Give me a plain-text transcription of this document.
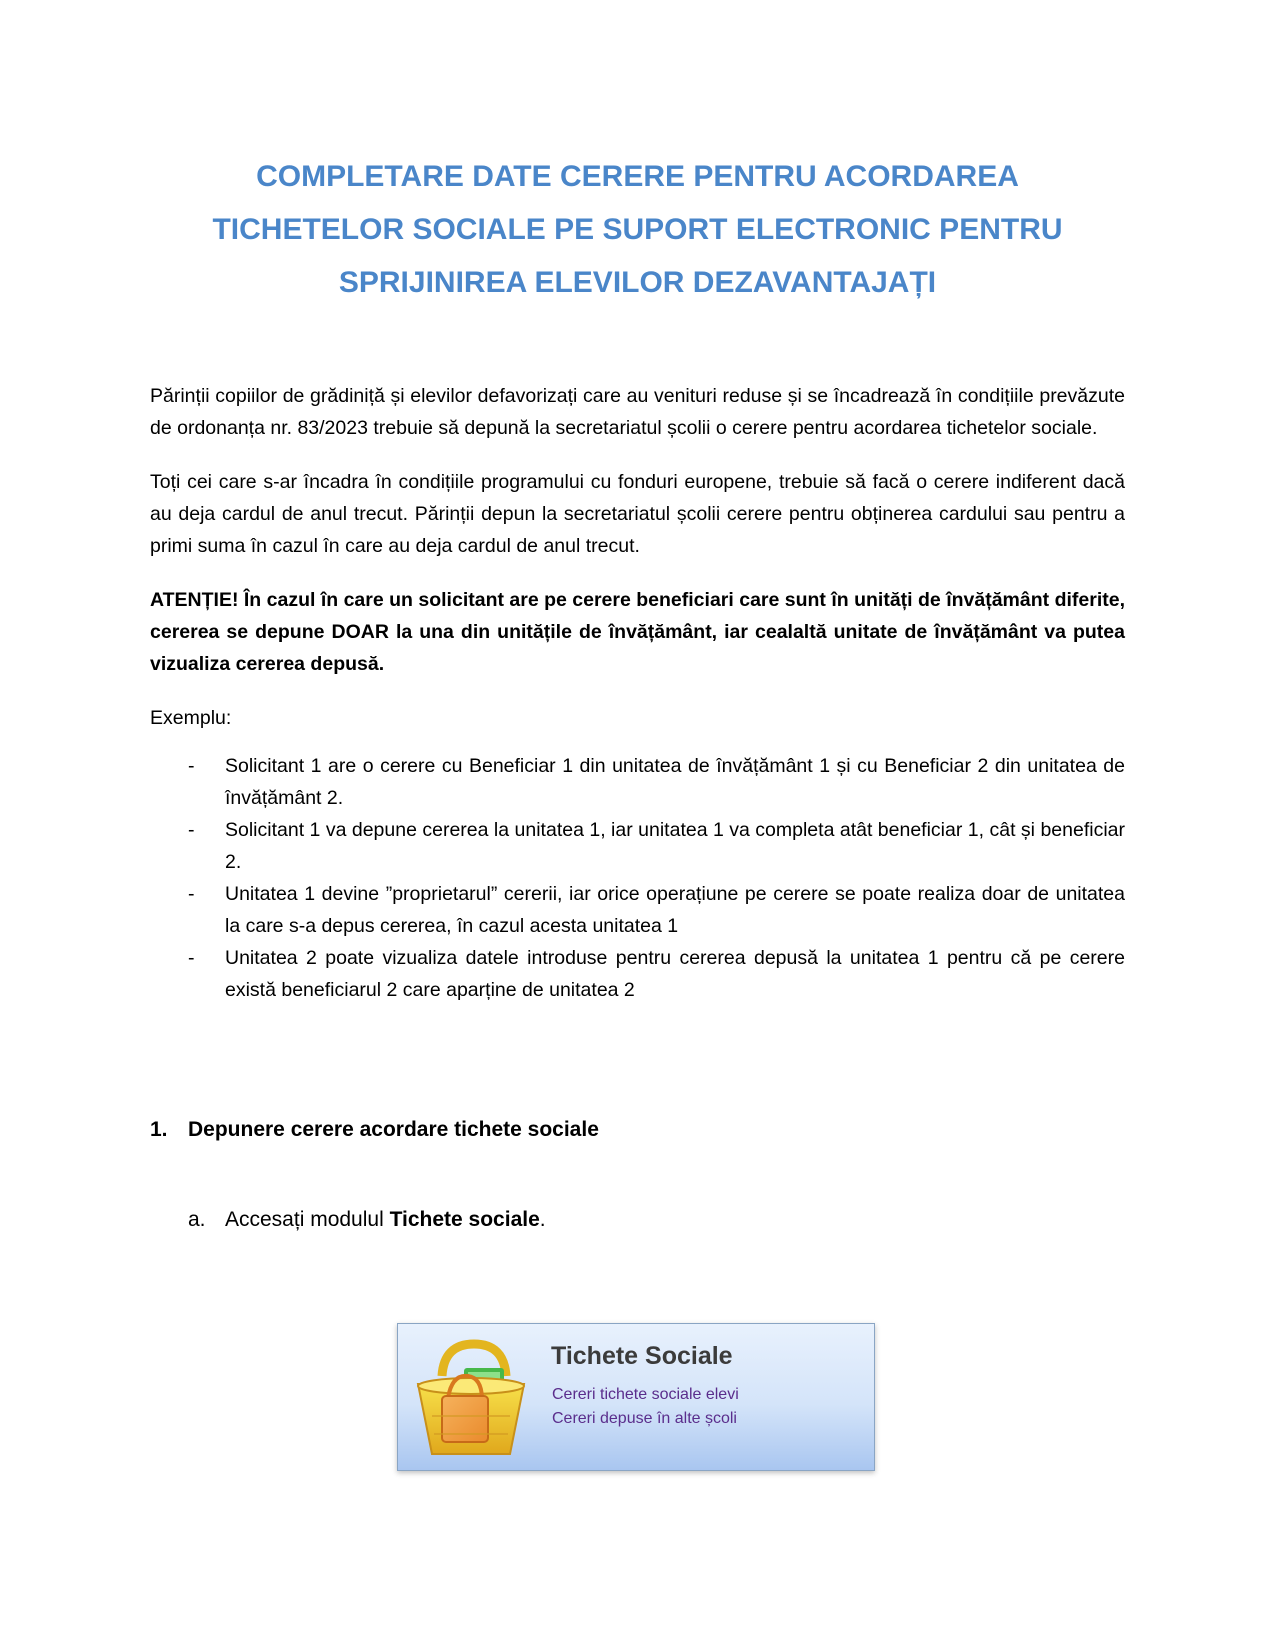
COMPLETARE DATE CERERE PENTRU ACORDAREA
TICHETELOR SOCIALE PE SUPORT ELECTRONIC PENTRU
SPRIJINIREA ELEVILOR DEZAVANTAJAȚI

Părinții copiilor de grădiniță și elevilor defavorizați care au venituri reduse și se încadrează în condițiile prevăzute de ordonanța nr. 83/2023 trebuie să depună la secretariatul școlii o cerere pentru acordarea tichetelor sociale.

Toți cei care s-ar încadra în condițiile programului cu fonduri europene, trebuie să facă o cerere indiferent dacă au deja cardul de anul trecut. Părinții depun la secretariatul școlii cerere pentru obținerea cardului sau pentru a primi suma în cazul în care au deja cardul de anul trecut.

ATENȚIE! În cazul în care un solicitant are pe cerere beneficiari care sunt în unități de învățământ diferite, cererea se depune DOAR la una din unitățile de învățământ, iar cealaltă unitate de învățământ va putea vizualiza cererea depusă.

Exemplu:

- Solicitant 1 are o cerere cu Beneficiar 1 din unitatea de învățământ 1 și cu Beneficiar 2 din unitatea de învățământ 2.
- Solicitant 1 va depune cererea la unitatea 1, iar unitatea 1 va completa atât beneficiar 1, cât și beneficiar 2.
- Unitatea 1 devine ”proprietarul” cererii, iar orice operațiune pe cerere se poate realiza doar de unitatea la care s-a depus cererea, în cazul acesta unitatea 1
- Unitatea 2 poate vizualiza datele introduse pentru cererea depusă la unitatea 1 pentru că pe cerere există beneficiarul 2 care aparține de unitatea 2
1. Depunere cerere acordare tichete sociale
a. Accesați modulul Tichete sociale.
Tichete Sociale
Cereri tichete sociale elevi
Cereri depuse în alte școli
